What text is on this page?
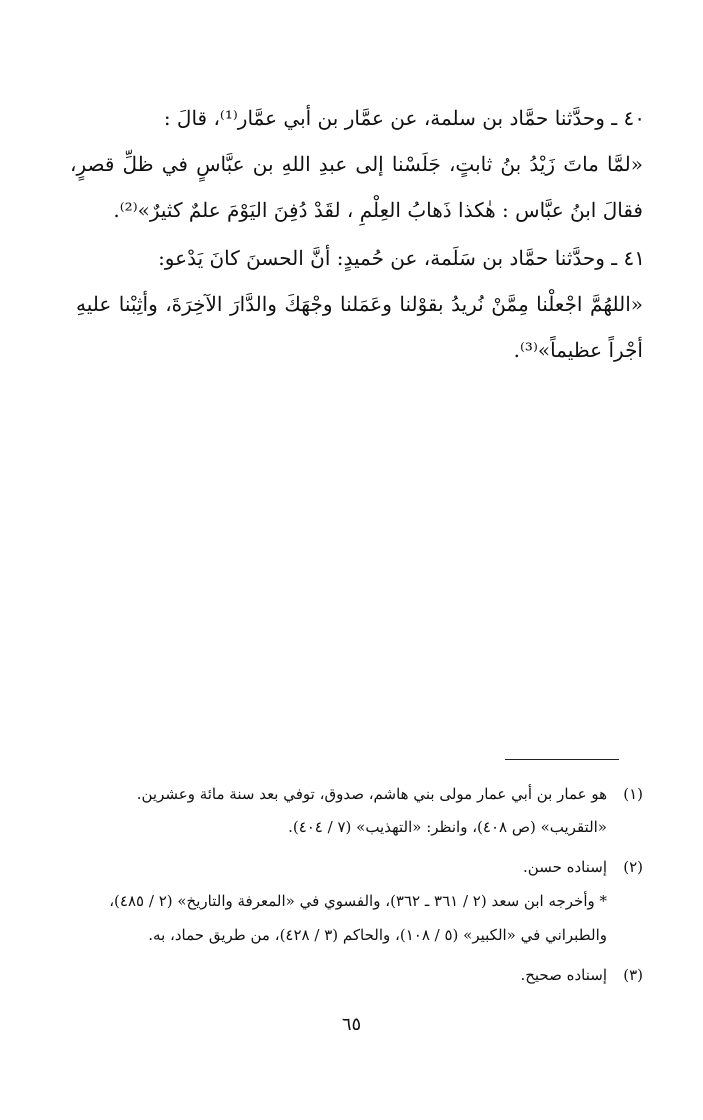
٤٠ ـ وحدَّثنا حمَّاد بن سلمة، عن عمَّار بن أبي عمَّار⁽¹⁾، قالَ :
«لمَّا ماتَ زَيْدُ بنُ ثابتٍ، جَلَسْنا إلى عبدِ اللهِ بن عبَّاسٍ في ظلِّ قصرٍ،
فقالَ ابنُ عبَّاس : هٰكذا ذَهابُ العِلْمِ ، لقَدْ دُفِنَ اليَوْمَ علمٌ كثيرٌ»⁽²⁾.
٤١ ـ وحدَّثنا حمَّاد بن سَلَمة، عن حُميدٍ: أنَّ الحسنَ كانَ يَدْعو:
«اللهُمَّ اجْعلْنا مِمَّنْ نُريدُ بقوْلنا وعَمَلنا وجْهَكَ والدَّارَ الآخِرَةَ، وأثِبْنا عليهِ
أجْراً عظيماً»⁽³⁾.
(١)
هو عمار بن أبي عمار مولى بني هاشم، صدوق، توفي بعد سنة مائة وعشرين.
«التقريب» (ص ٤٠٨)، وانظر: «التهذيب» (٧ / ٤٠٤).
(٢)
إسناده حسن.
* وأخرجه ابن سعد (٢ / ٣٦١ ـ ٣٦٢)، والفسوي في «المعرفة والتاريخ» (٢ / ٤٨٥)،
والطبراني في «الكبير» (٥ / ١٠٨)، والحاكم (٣ / ٤٢٨)، من طريق حماد، به.
(٣)
إسناده صحيح.
٦٥
